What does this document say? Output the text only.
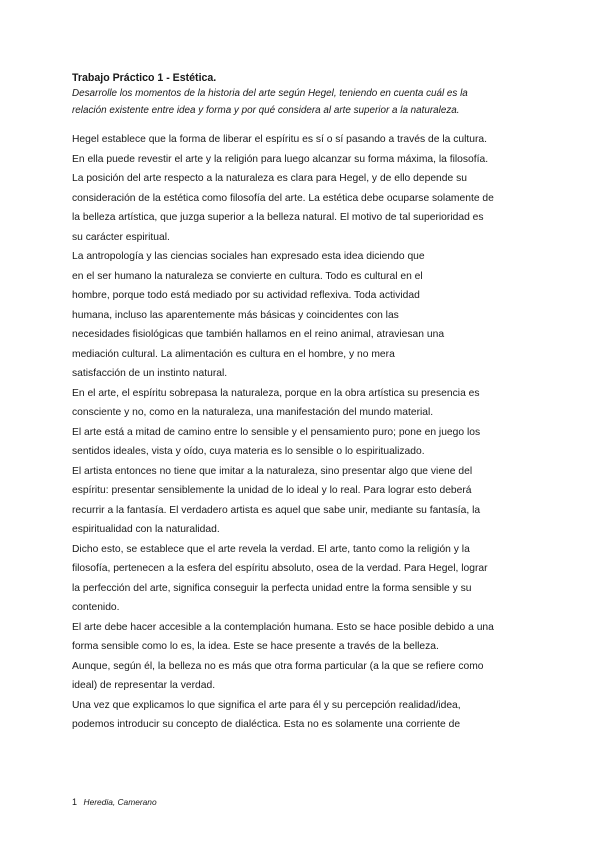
Trabajo Práctico 1 - Estética.
Desarrolle los momentos de la historia del arte según Hegel, teniendo en cuenta cuál es la
relación existente entre idea y forma y por qué considera al arte superior a la naturaleza.
Hegel establece que la forma de liberar el espíritu es sí o sí pasando a través de la cultura.
En ella puede revestir el arte y la religión para luego alcanzar su forma máxima, la filosofía.
La posición del arte respecto a la naturaleza es clara para Hegel, y de ello depende su
consideración de la estética como filosofía del arte. La estética debe ocuparse solamente de
la belleza artística, que juzga superior a la belleza natural. El motivo de tal superioridad es
su carácter espiritual.
La antropología y las ciencias sociales han expresado esta idea diciendo que
en el ser humano la naturaleza se convierte en cultura. Todo es cultural en el
hombre, porque todo está mediado por su actividad reflexiva. Toda actividad
humana, incluso las aparentemente más básicas y coincidentes con las
necesidades fisiológicas que también hallamos en el reino animal, atraviesan una
mediación cultural. La alimentación es cultura en el hombre, y no mera
satisfacción de un instinto natural.
En el arte, el espíritu sobrepasa la naturaleza, porque en la obra artística su presencia es
consciente y no, como en la naturaleza, una manifestación del mundo material.
El arte está a mitad de camino entre lo sensible y el pensamiento puro; pone en juego los
sentidos ideales, vista y oído, cuya materia es lo sensible o lo espiritualizado.
El artista entonces no tiene que imitar a la naturaleza, sino presentar algo que viene del
espíritu: presentar sensiblemente la unidad de lo ideal y lo real. Para lograr esto deberá
recurrir a la fantasía. El verdadero artista es aquel que sabe unir, mediante su fantasía, la
espiritualidad con la naturalidad.
Dicho esto, se establece que el arte revela la verdad. El arte, tanto como la religión y la
filosofía, pertenecen a la esfera del espíritu absoluto, osea de la verdad. Para Hegel, lograr
la perfección del arte, significa conseguir la perfecta unidad entre la forma sensible y su
contenido.
El arte debe hacer accesible a la contemplación humana. Esto se hace posible debido a una
forma sensible como lo es, la idea. Este se hace presente a través de la belleza.
Aunque, según él, la belleza no es más que otra forma particular (a la que se refiere como
ideal) de representar la verdad.
Una vez que explicamos lo que significa el arte para él y su percepción realidad/idea,
podemos introducir su concepto de dialéctica. Esta no es solamente una corriente de
1 Heredia, Camerano
